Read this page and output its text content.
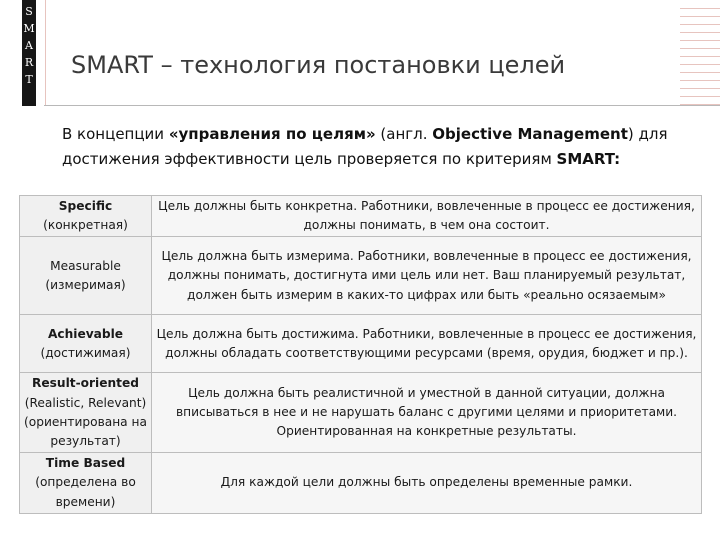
S
M
A
R
T
SMART – технология постановки целей

В концепции «управления по целям» (англ. Objective Management) для достижения эффективности цель проверяется по критериям SMART:

Specific
(конкретная)	Цель должны быть конкретна. Работники, вовлеченные в процесс ее достижения, должны понимать, в чем она состоит.

Measurable
(измеримая)	Цель должна быть измерима. Работники, вовлеченные в процесс ее достижения, должны понимать, достигнута ими цель или нет. Ваш планируемый результат, должен быть измерим в каких-то цифрах или быть «реально осязаемым»

Achievable
(достижимая)	Цель должна быть достижима. Работники, вовлеченные в процесс ее достижения, должны обладать соответствующими ресурсами (время, орудия, бюджет и пр.).

Result-oriented
(Realistic, Relevant) (ориентирована на результат)	Цель должна быть реалистичной и уместной в данной ситуации, должна вписываться в нее и не нарушать баланс с другими целями и приоритетами. Ориентированная на конкретные результаты.

Time Based
(определена во времени)	Для каждой цели должны быть определены временные рамки.
